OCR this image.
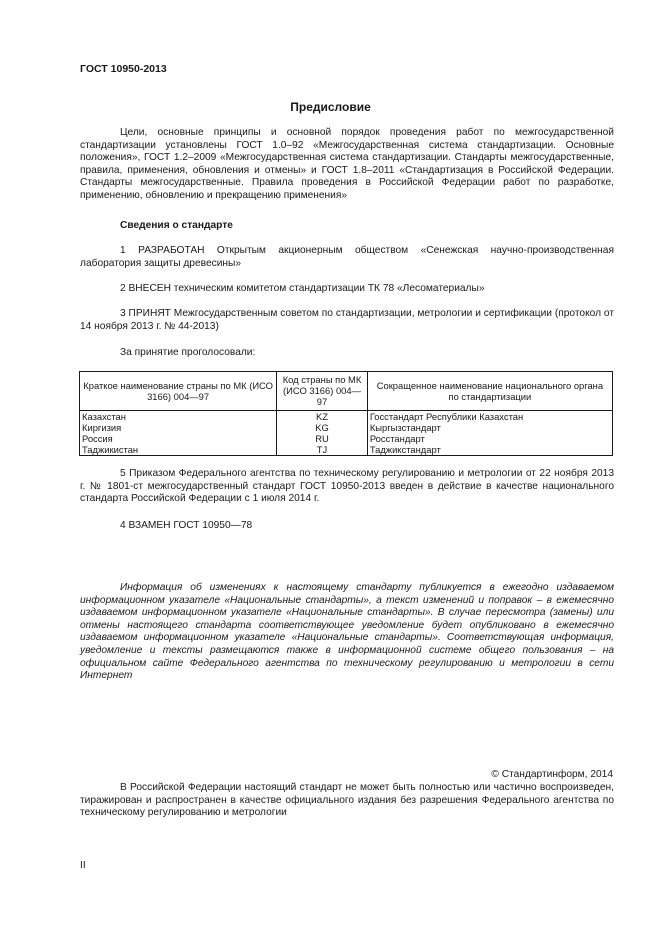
ГОСТ 10950-2013
Предисловие
Цели, основные принципы и основной порядок проведения работ по межгосударственной стандартизации установлены ГОСТ 1.0–92 «Межгосударственная система стандартизации. Основные положения», ГОСТ 1.2–2009 «Межгосударственная система стандартизации. Стандарты межгосударственные, правила, применения, обновления и отмены» и ГОСТ 1.8–2011 «Стандартизация в Российской Федерации. Стандарты межгосударственные. Правила проведения в Российской Федерации работ по разработке, применению, обновлению и прекращению применения»
Сведения о стандарте
1 РАЗРАБОТАН Открытым акционерным обществом «Сенежская научно-производственная лаборатория защиты древесины»
2 ВНЕСЕН техническим комитетом стандартизации ТК 78 «Лесоматериалы»
3 ПРИНЯТ Межгосударственным советом по стандартизации, метрологии и сертификации (протокол от 14 ноября 2013 г. № 44-2013)
За принятие проголосовали:
Краткое наименование страны по МК (ИСО 3166) 004—97	Код страны по МК (ИСО 3166) 004—97	Сокращенное наименование национального органа по стандартизации
Казахстан	KZ	Госстандарт Республики Казахстан
Киргизия	KG	Кыргызстандарт
Россия	RU	Росстандарт
Таджикистан	TJ	Таджикстандарт
5 Приказом Федерального агентства по техническому регулированию и метрологии от 22 ноября 2013 г. № 1801-ст межгосударственный стандарт ГОСТ 10950-2013 введен в действие в качестве национального стандарта Российской Федерации с 1 июля 2014 г.
4 ВЗАМЕН ГОСТ 10950—78
Информация об изменениях к настоящему стандарту публикуется в ежегодно издаваемом информационном указателе «Национальные стандарты», а текст изменений и поправок – в ежемесячно издаваемом информационном указателе «Национальные стандарты». В случае пересмотра (замены) или отмены настоящего стандарта соответствующее уведомление будет опубликовано в ежемесячно издаваемом информационном указателе «Национальные стандарты». Соответствующая информация, уведомление и тексты размещаются также в информационной системе общего пользования – на официальном сайте Федерального агентства по техническому регулированию и метрологии в сети Интернет
© Стандартинформ, 2014
В Российской Федерации настоящий стандарт не может быть полностью или частично воспроизведен, тиражирован и распространен в качестве официального издания без разрешения Федерального агентства по техническому регулированию и метрологии
II
